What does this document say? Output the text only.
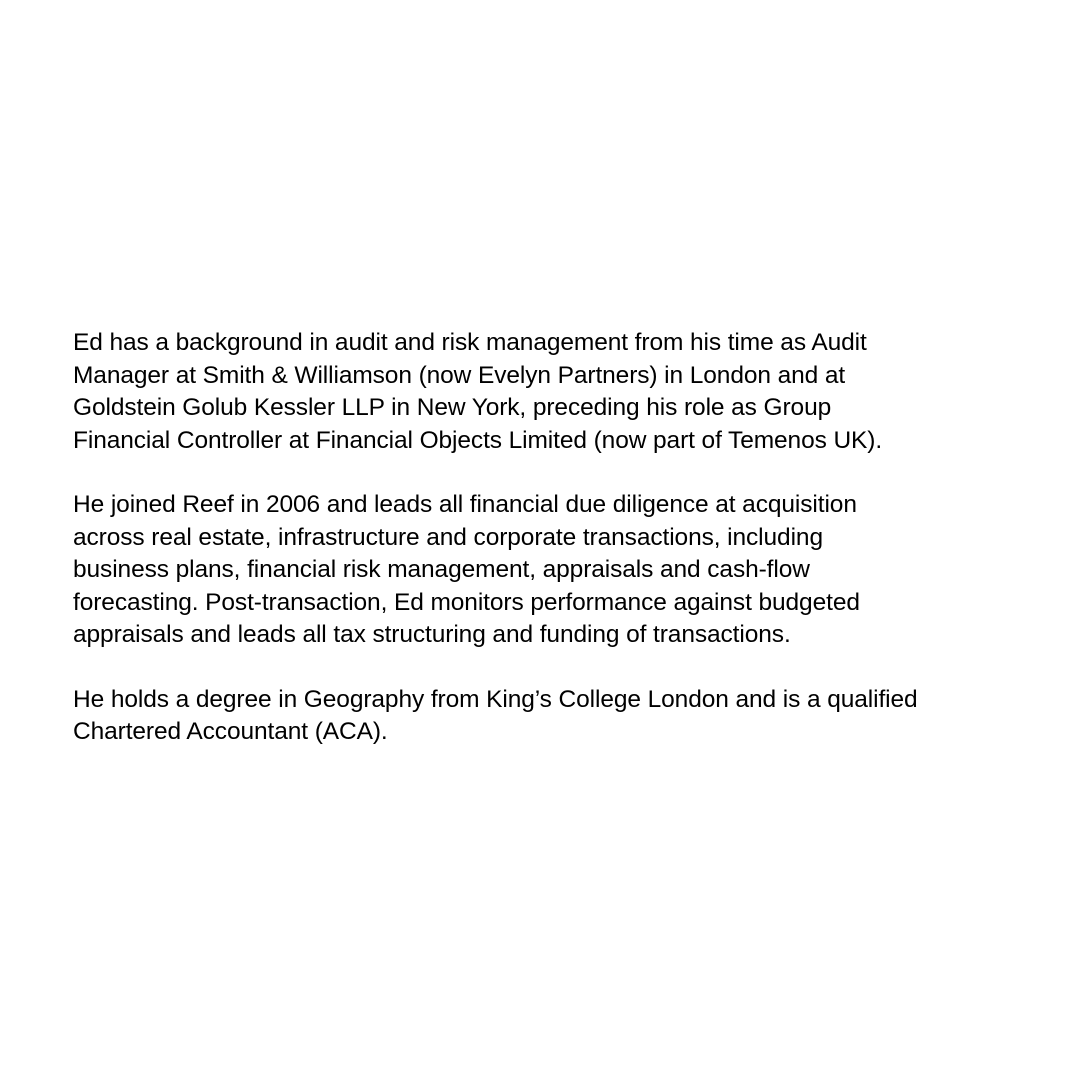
Ed has a background in audit and risk management from his time as Audit
Manager at Smith & Williamson (now Evelyn Partners) in London and at
Goldstein Golub Kessler LLP in New York, preceding his role as Group
Financial Controller at Financial Objects Limited (now part of Temenos UK).

He joined Reef in 2006 and leads all financial due diligence at acquisition
across real estate, infrastructure and corporate transactions, including
business plans, financial risk management, appraisals and cash-flow
forecasting. Post-transaction, Ed monitors performance against budgeted
appraisals and leads all tax structuring and funding of transactions.

He holds a degree in Geography from King’s College London and is a qualified
Chartered Accountant (ACA).
